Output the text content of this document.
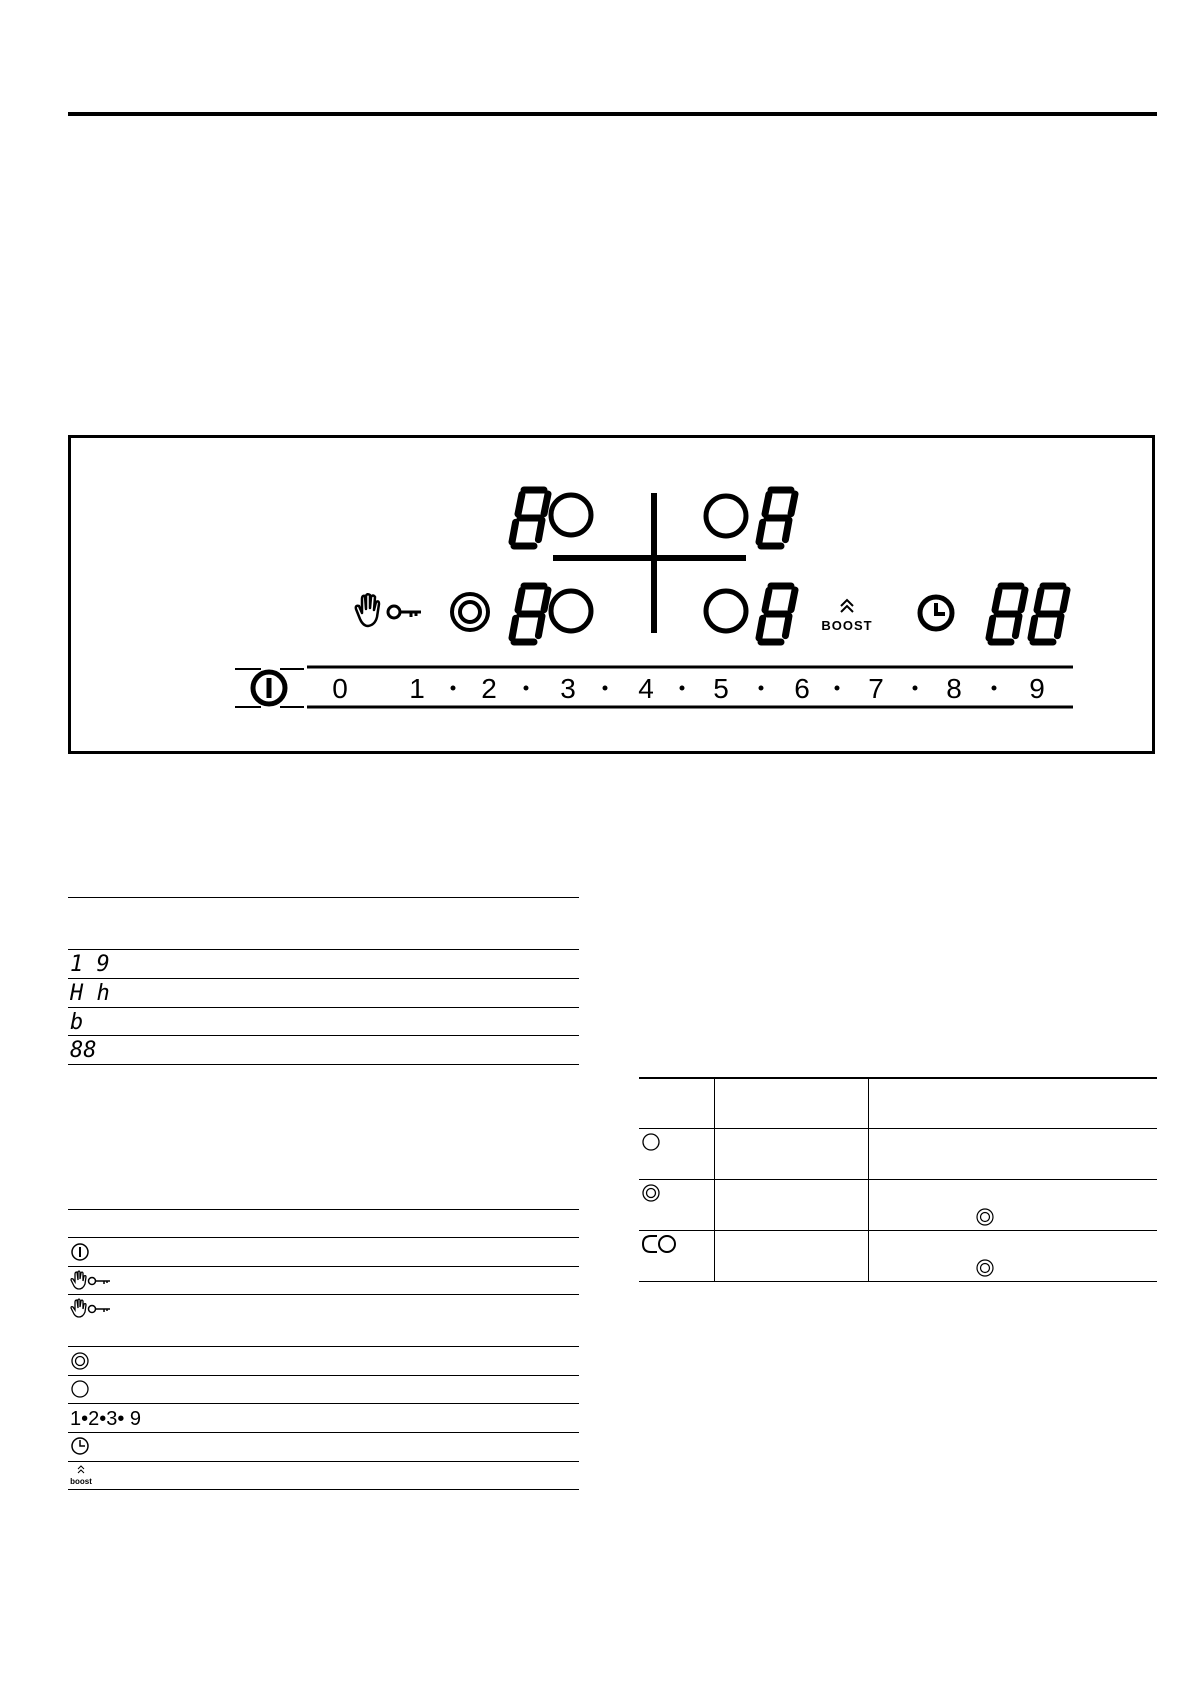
BOOST
0 1 2 3 4 5 6 7 8 9
1 9
H h
b
88
1•2•3• 9
boost
